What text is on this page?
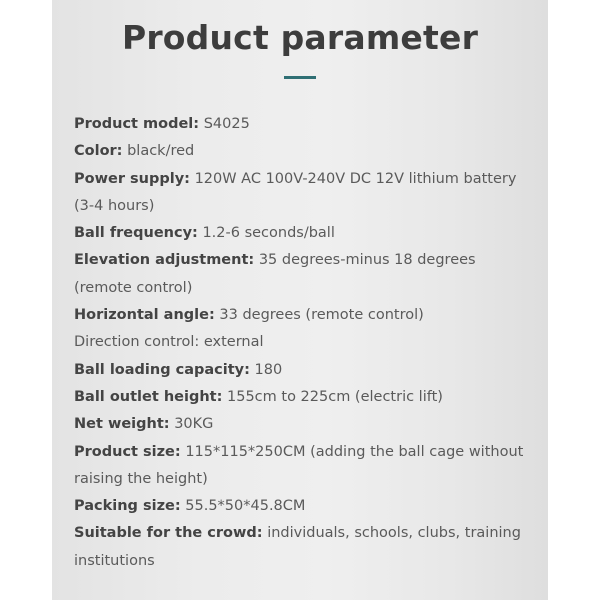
Product parameter
Product model: S4025
Color: black/red
Power supply: 120W AC 100V-240V DC 12V lithium battery (3-4 hours)
Ball frequency: 1.2-6 seconds/ball
Elevation adjustment: 35 degrees-minus 18 degrees (remote control)
Horizontal angle: 33 degrees (remote control)
Direction control: external
Ball loading capacity: 180
Ball outlet height: 155cm to 225cm (electric lift)
Net weight: 30KG
Product size: 115*115*250CM (adding the ball cage without raising the height)
Packing size: 55.5*50*45.8CM
Suitable for the crowd: individuals, schools, clubs, training institutions
